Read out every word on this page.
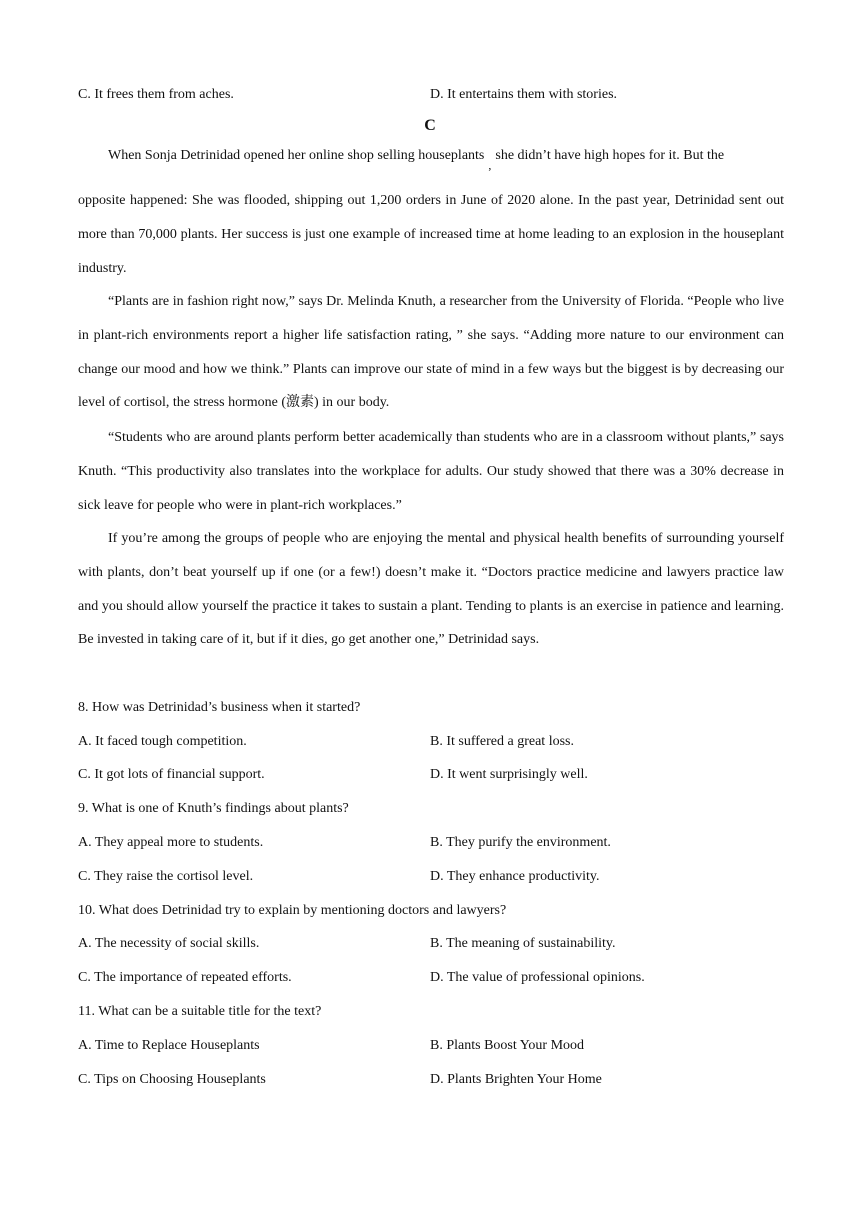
C. It frees them from aches.	D. It entertains them with stories.
C
When Sonja Detrinidad opened her online shop selling houseplants$_,$she didn’t have high hopes for it. But the

opposite happened: She was flooded, shipping out 1,200 orders in June of 2020 alone. In the past year, Detrinidad sent out more than 70,000 plants. Her success is just one example of increased time at home leading to an explosion in the houseplant industry.

“Plants are in fashion right now,” says Dr. Melinda Knuth, a researcher from the University of Florida. “People who live in plant-rich environments report a higher life satisfaction rating, ” she says. “Adding more nature to our environment can change our mood and how we think.” Plants can improve our state of mind in a few ways but the biggest is by decreasing our level of cortisol, the stress hormone (激素) in our body.

“Students who are around plants perform better academically than students who are in a classroom without plants,” says Knuth. “This productivity also translates into the workplace for adults. Our study showed that there was a 30% decrease in sick leave for people who were in plant-rich workplaces.”

If you’re among the groups of people who are enjoying the mental and physical health benefits of surrounding yourself with plants, don’t beat yourself up if one (or a few!) doesn’t make it. “Doctors practice medicine and lawyers practice law and you should allow yourself the practice it takes to sustain a plant. Tending to plants is an exercise in patience and learning. Be invested in taking care of it, but if it dies, go get another one,” Detrinidad says.

8. How was Detrinidad’s business when it started?
A. It faced tough competition.	B. It suffered a great loss.
C. It got lots of financial support.	D. It went surprisingly well.
9. What is one of Knuth’s findings about plants?
A. They appeal more to students.	B. They purify the environment.
C. They raise the cortisol level.	D. They enhance productivity.
10. What does Detrinidad try to explain by mentioning doctors and lawyers?
A. The necessity of social skills.	B. The meaning of sustainability.
C. The importance of repeated efforts.	D. The value of professional opinions.
11. What can be a suitable title for the text?
A. Time to Replace Houseplants	B. Plants Boost Your Mood
C. Tips on Choosing Houseplants	D. Plants Brighten Your Home
